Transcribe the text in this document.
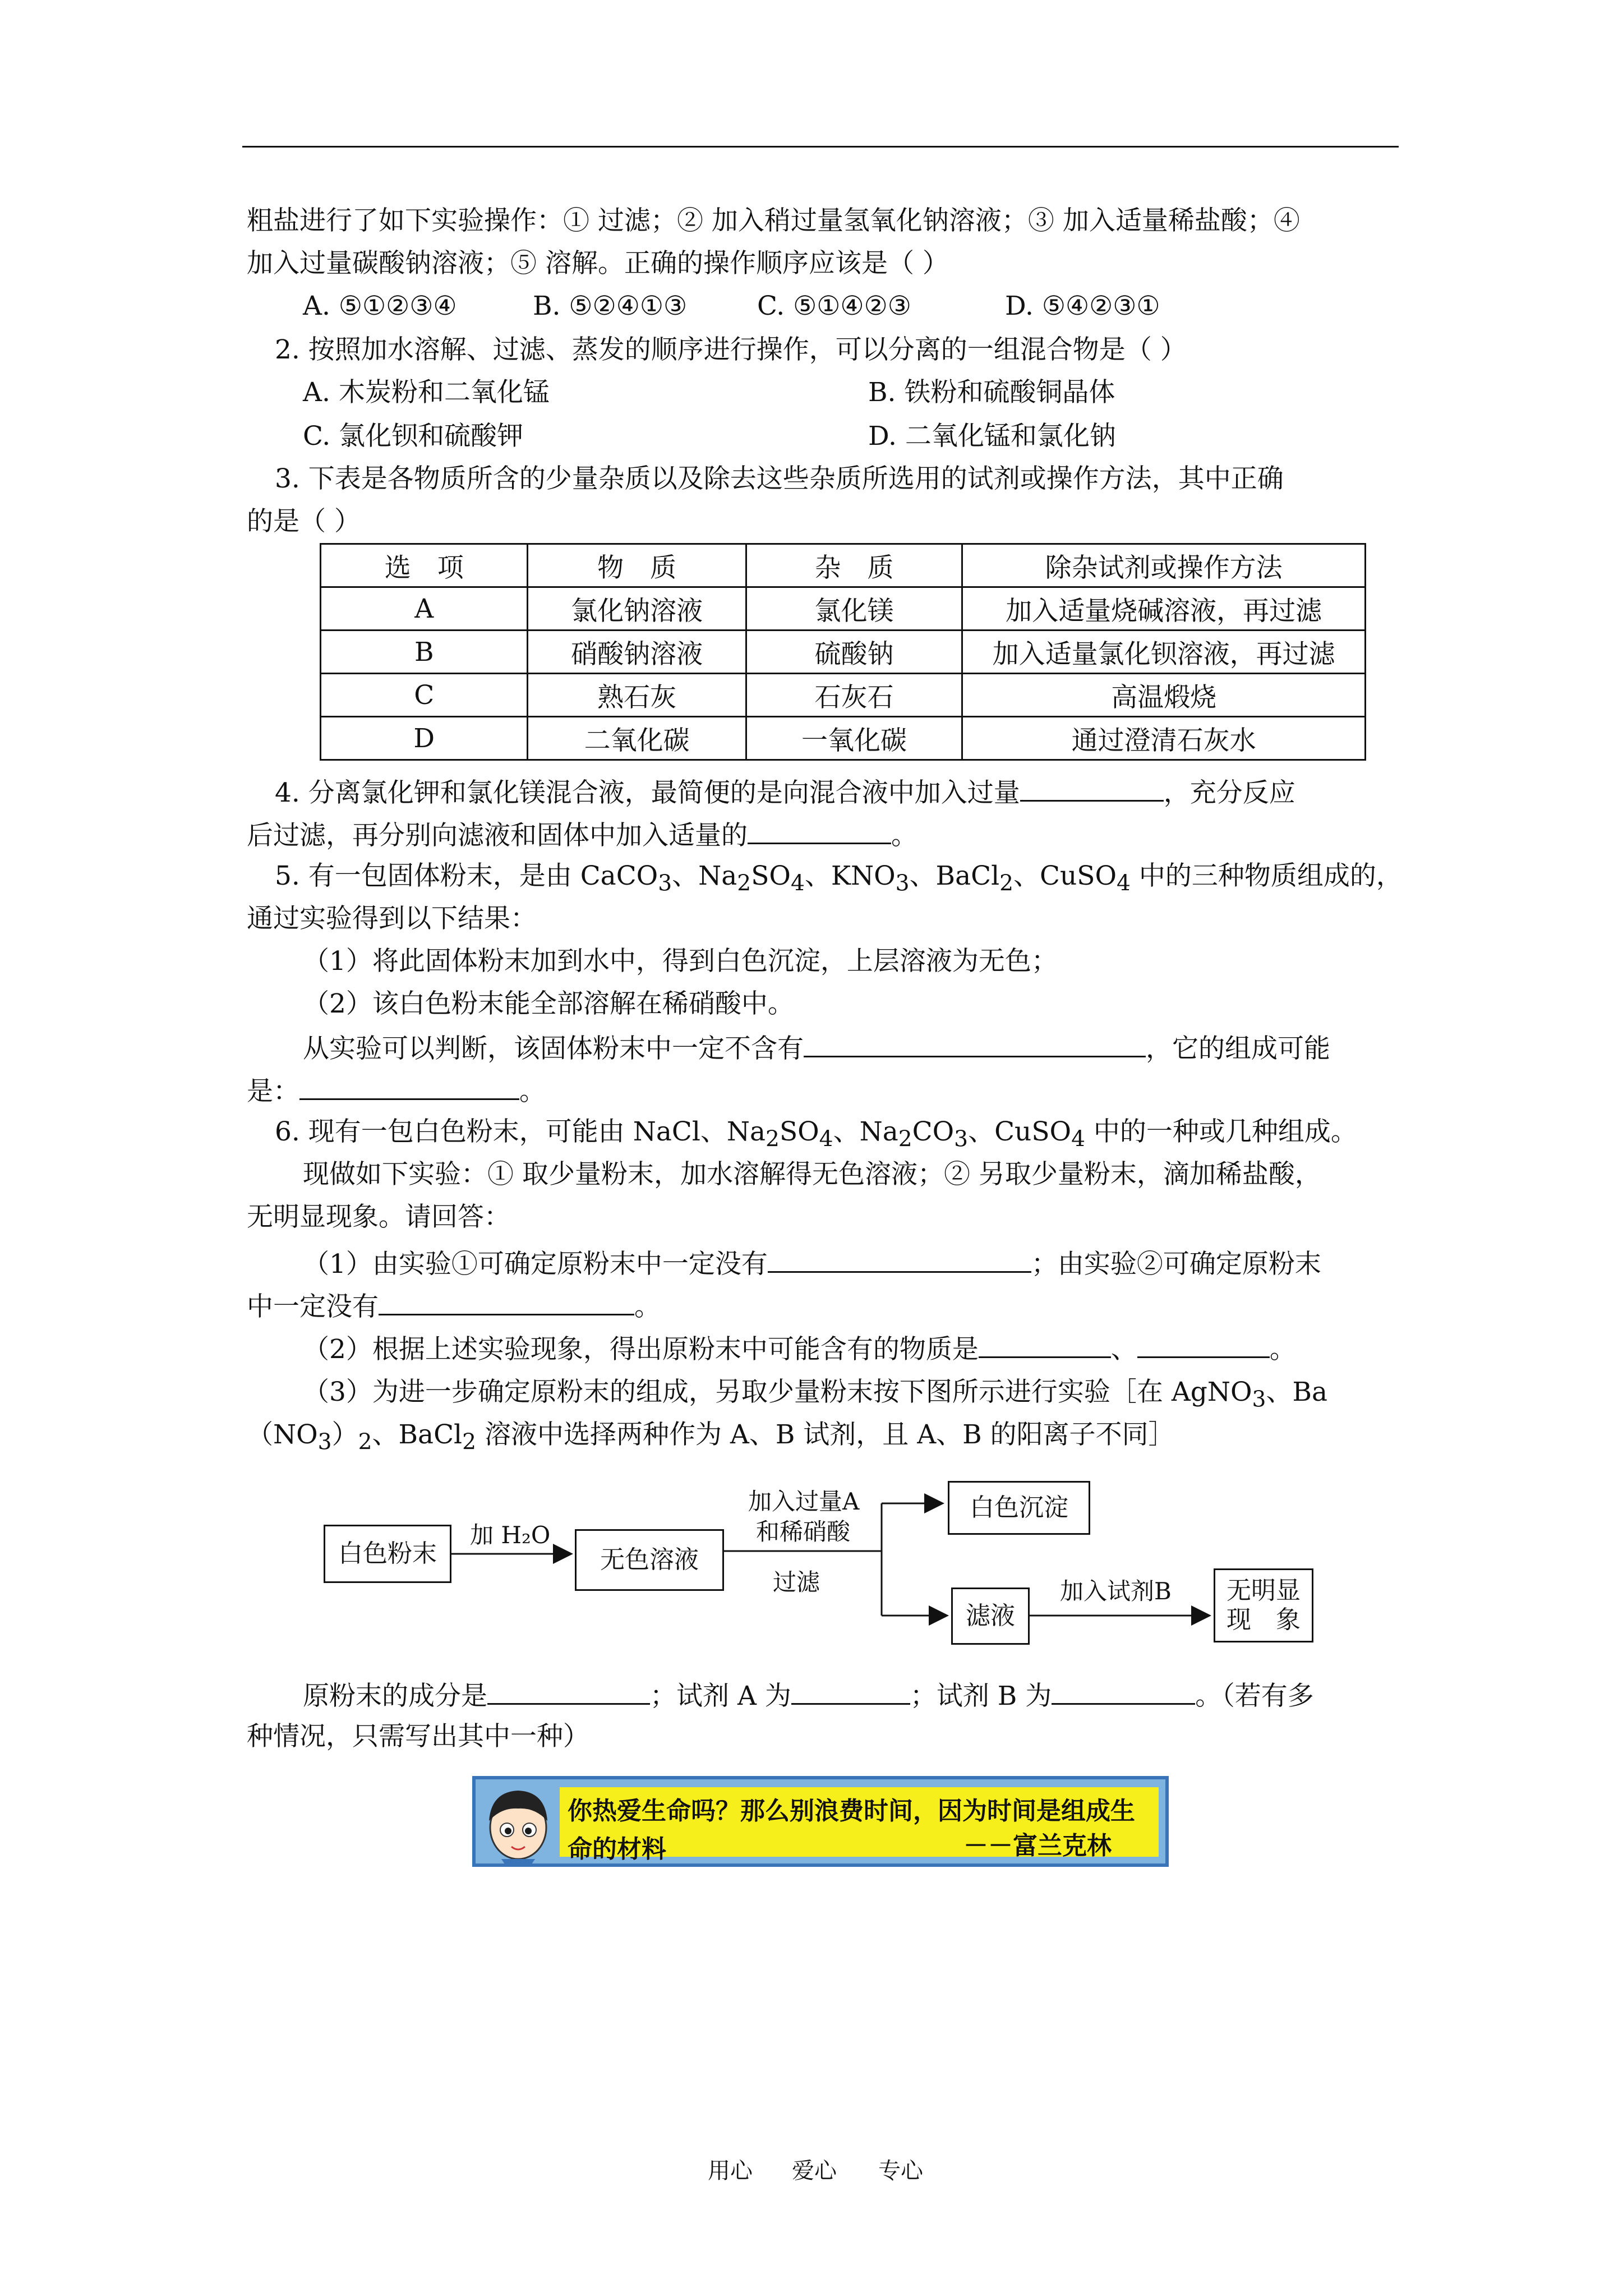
粗盐进行了如下实验操作：① 过滤；② 加入稍过量氢氧化钠溶液；③ 加入适量稀盐酸；④
加入过量碳酸钠溶液；⑤ 溶解。正确的操作顺序应该是（ ）
A. ⑤①②③④	B. ⑤②④①③	C. ⑤①④②③	D. ⑤④②③①
2. 按照加水溶解、过滤、蒸发的顺序进行操作，可以分离的一组混合物是（ ）
A. 木炭粉和二氧化锰	B. 铁粉和硫酸铜晶体
C. 氯化钡和硫酸钾	D. 二氧化锰和氯化钠
3. 下表是各物质所含的少量杂质以及除去这些杂质所选用的试剂或操作方法，其中正确
的是（ ）
选　项	物　质	杂　质	除杂试剂或操作方法
A	氯化钠溶液	氯化镁	加入适量烧碱溶液，再过滤
B	硝酸钠溶液	硫酸钠	加入适量氯化钡溶液，再过滤
C	熟石灰	石灰石	高温煅烧
D	二氧化碳	一氧化碳	通过澄清石灰水
4. 分离氯化钾和氯化镁混合液，最简便的是向混合液中加入过量	，充分反应
后过滤，再分别向滤液和固体中加入适量的	。
5. 有一包固体粉末，是由 CaCO$_3$、$Na_2SO_4$、$KNO_3$、BaCl$_2$、CuSO$_4$ 中的三种物质组成的，
通过实验得到以下结果：
（1）将此固体粉末加到水中，得到白色沉淀，上层溶液为无色；
（2）该白色粉末能全部溶解在稀硝酸中。
从实验可以判断，该固体粉末中一定不含有	，它的组成可能
是：	。
6. 现有一包白色粉末，可能由 NaCl、$Na_2SO_4$、$Na_2CO_3$、CuSO$_4$ 中的一种或几种组成。
现做如下实验：① 取少量粉末，加水溶解得无色溶液；② 另取少量粉末，滴加稀盐酸，
无明显现象。请回答：
（1）由实验①可确定原粉末中一定没有	；由实验②可确定原粉末
中一定没有	。
（2）根据上述实验现象，得出原粉末中可能含有的物质是	、	。
（3）为进一步确定原粉末的组成，另取少量粉末按下图所示进行实验［在 AgNO$_3$、Ba
$(NO_3)_2$、BaCl$_2$ 溶液中选择两种作为 A、B 试剂，且 A、B 的阳离子不同］
白色粉末
加 H₂O
无色溶液
加入过量A
和稀硝酸
过滤
白色沉淀
滤液
加入试剂B 无明显
现　象
原粉末的成分是	；试剂 A 为	；试剂 B 为	。（若有多
种情况，只需写出其中一种）
你热爱生命吗？那么别浪费时间，因为时间是组成生
命的材料	－－富兰克林
用心 爱心 专心
